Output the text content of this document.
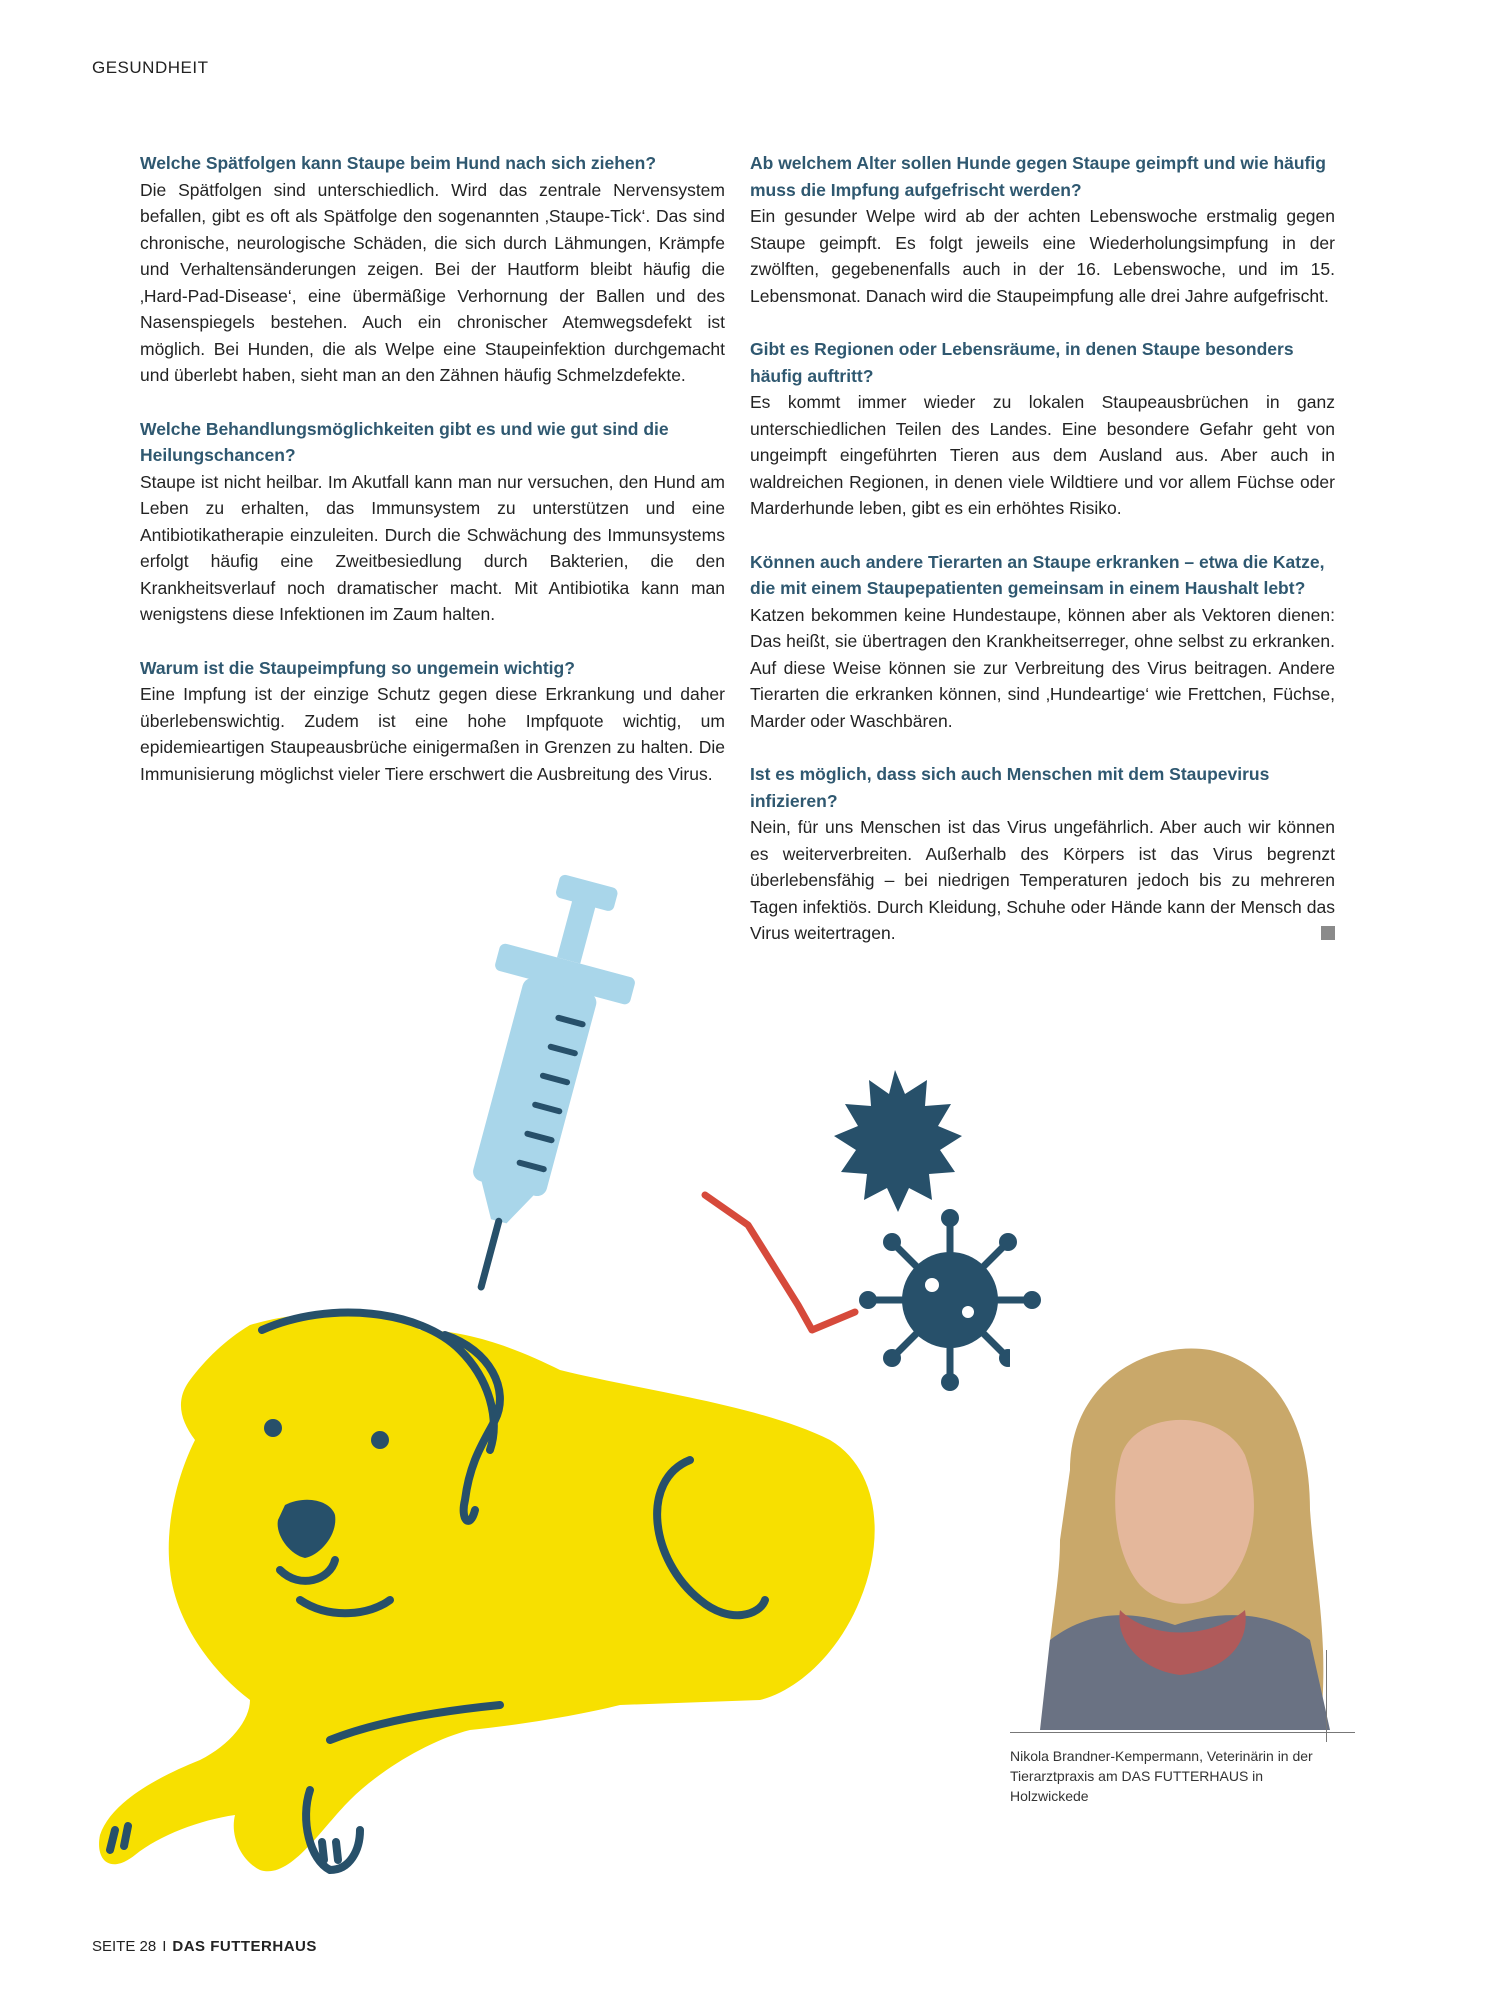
GESUNDHEIT

Welche Spätfolgen kann Staupe beim Hund nach sich ziehen?

Die Spätfolgen sind unterschiedlich. Wird das zentrale Nervensystem befallen, gibt es oft als Spätfolge den sogenannten ‚Staupe-Tick‘. Das sind chronische, neurologische Schäden, die sich durch Lähmungen, Krämpfe und Verhaltensänderungen zeigen. Bei der Hautform bleibt häufig die ‚Hard-Pad-Disease‘, eine übermäßige Verhornung der Ballen und des Nasenspiegels bestehen. Auch ein chronischer Atemwegsdefekt ist möglich. Bei Hunden, die als Welpe eine Staupeinfektion durchgemacht und überlebt haben, sieht man an den Zähnen häufig Schmelzdefekte.

Welche Behandlungsmöglichkeiten gibt es und wie gut sind die Heilungschancen?

Staupe ist nicht heilbar. Im Akutfall kann man nur versuchen, den Hund am Leben zu erhalten, das Immunsystem zu unterstützen und eine Antibiotikatherapie einzuleiten. Durch die Schwächung des Immunsystems erfolgt häufig eine Zweitbesiedlung durch Bakterien, die den Krankheitsverlauf noch dramatischer macht. Mit Antibiotika kann man wenigstens diese Infektionen im Zaum halten.

Warum ist die Staupeimpfung so ungemein wichtig?

Eine Impfung ist der einzige Schutz gegen diese Erkrankung und daher überlebenswichtig. Zudem ist eine hohe Impfquote wichtig, um epidemieartigen Staupeausbrüche einigermaßen in Grenzen zu halten. Die Immunisierung möglichst vieler Tiere erschwert die Ausbreitung des Virus.

Ab welchem Alter sollen Hunde gegen Staupe geimpft und wie häufig muss die Impfung aufgefrischt werden?

Ein gesunder Welpe wird ab der achten Lebenswoche erstmalig gegen Staupe geimpft. Es folgt jeweils eine Wiederholungsimpfung in der zwölften, gegebenenfalls auch in der 16. Lebenswoche, und im 15. Lebensmonat. Danach wird die Staupeimpfung alle drei Jahre aufgefrischt.

Gibt es Regionen oder Lebensräume, in denen Staupe besonders häufig auftritt?

Es kommt immer wieder zu lokalen Staupeausbrüchen in ganz unterschiedlichen Teilen des Landes. Eine besondere Gefahr geht von ungeimpft eingeführten Tieren aus dem Ausland aus. Aber auch in waldreichen Regionen, in denen viele Wildtiere und vor allem Füchse oder Marderhunde leben, gibt es ein erhöhtes Risiko.

Können auch andere Tierarten an Staupe erkranken – etwa die Katze, die mit einem Staupepatienten gemeinsam in einem Haushalt lebt?

Katzen bekommen keine Hundestaupe, können aber als Vektoren dienen: Das heißt, sie übertragen den Krankheitserreger, ohne selbst zu erkranken. Auf diese Weise können sie zur Verbreitung des Virus beitragen. Andere Tierarten die erkranken können, sind ‚Hundeartige‘ wie Frettchen, Füchse, Marder oder Waschbären.

Ist es möglich, dass sich auch Menschen mit dem Staupevirus infizieren?

Nein, für uns Menschen ist das Virus ungefährlich. Aber auch wir können es weiterverbreiten. Außerhalb des Körpers ist das Virus begrenzt überlebensfähig – bei niedrigen Temperaturen jedoch bis zu mehreren Tagen infektiös. Durch Kleidung, Schuhe oder Hände kann der Mensch das Virus weitertragen.

Nikola Brandner-Kempermann, Veterinärin in der Tierarztpraxis am DAS FUTTERHAUS in Holzwickede
SEITE 28 I DAS FUTTERHAUS
